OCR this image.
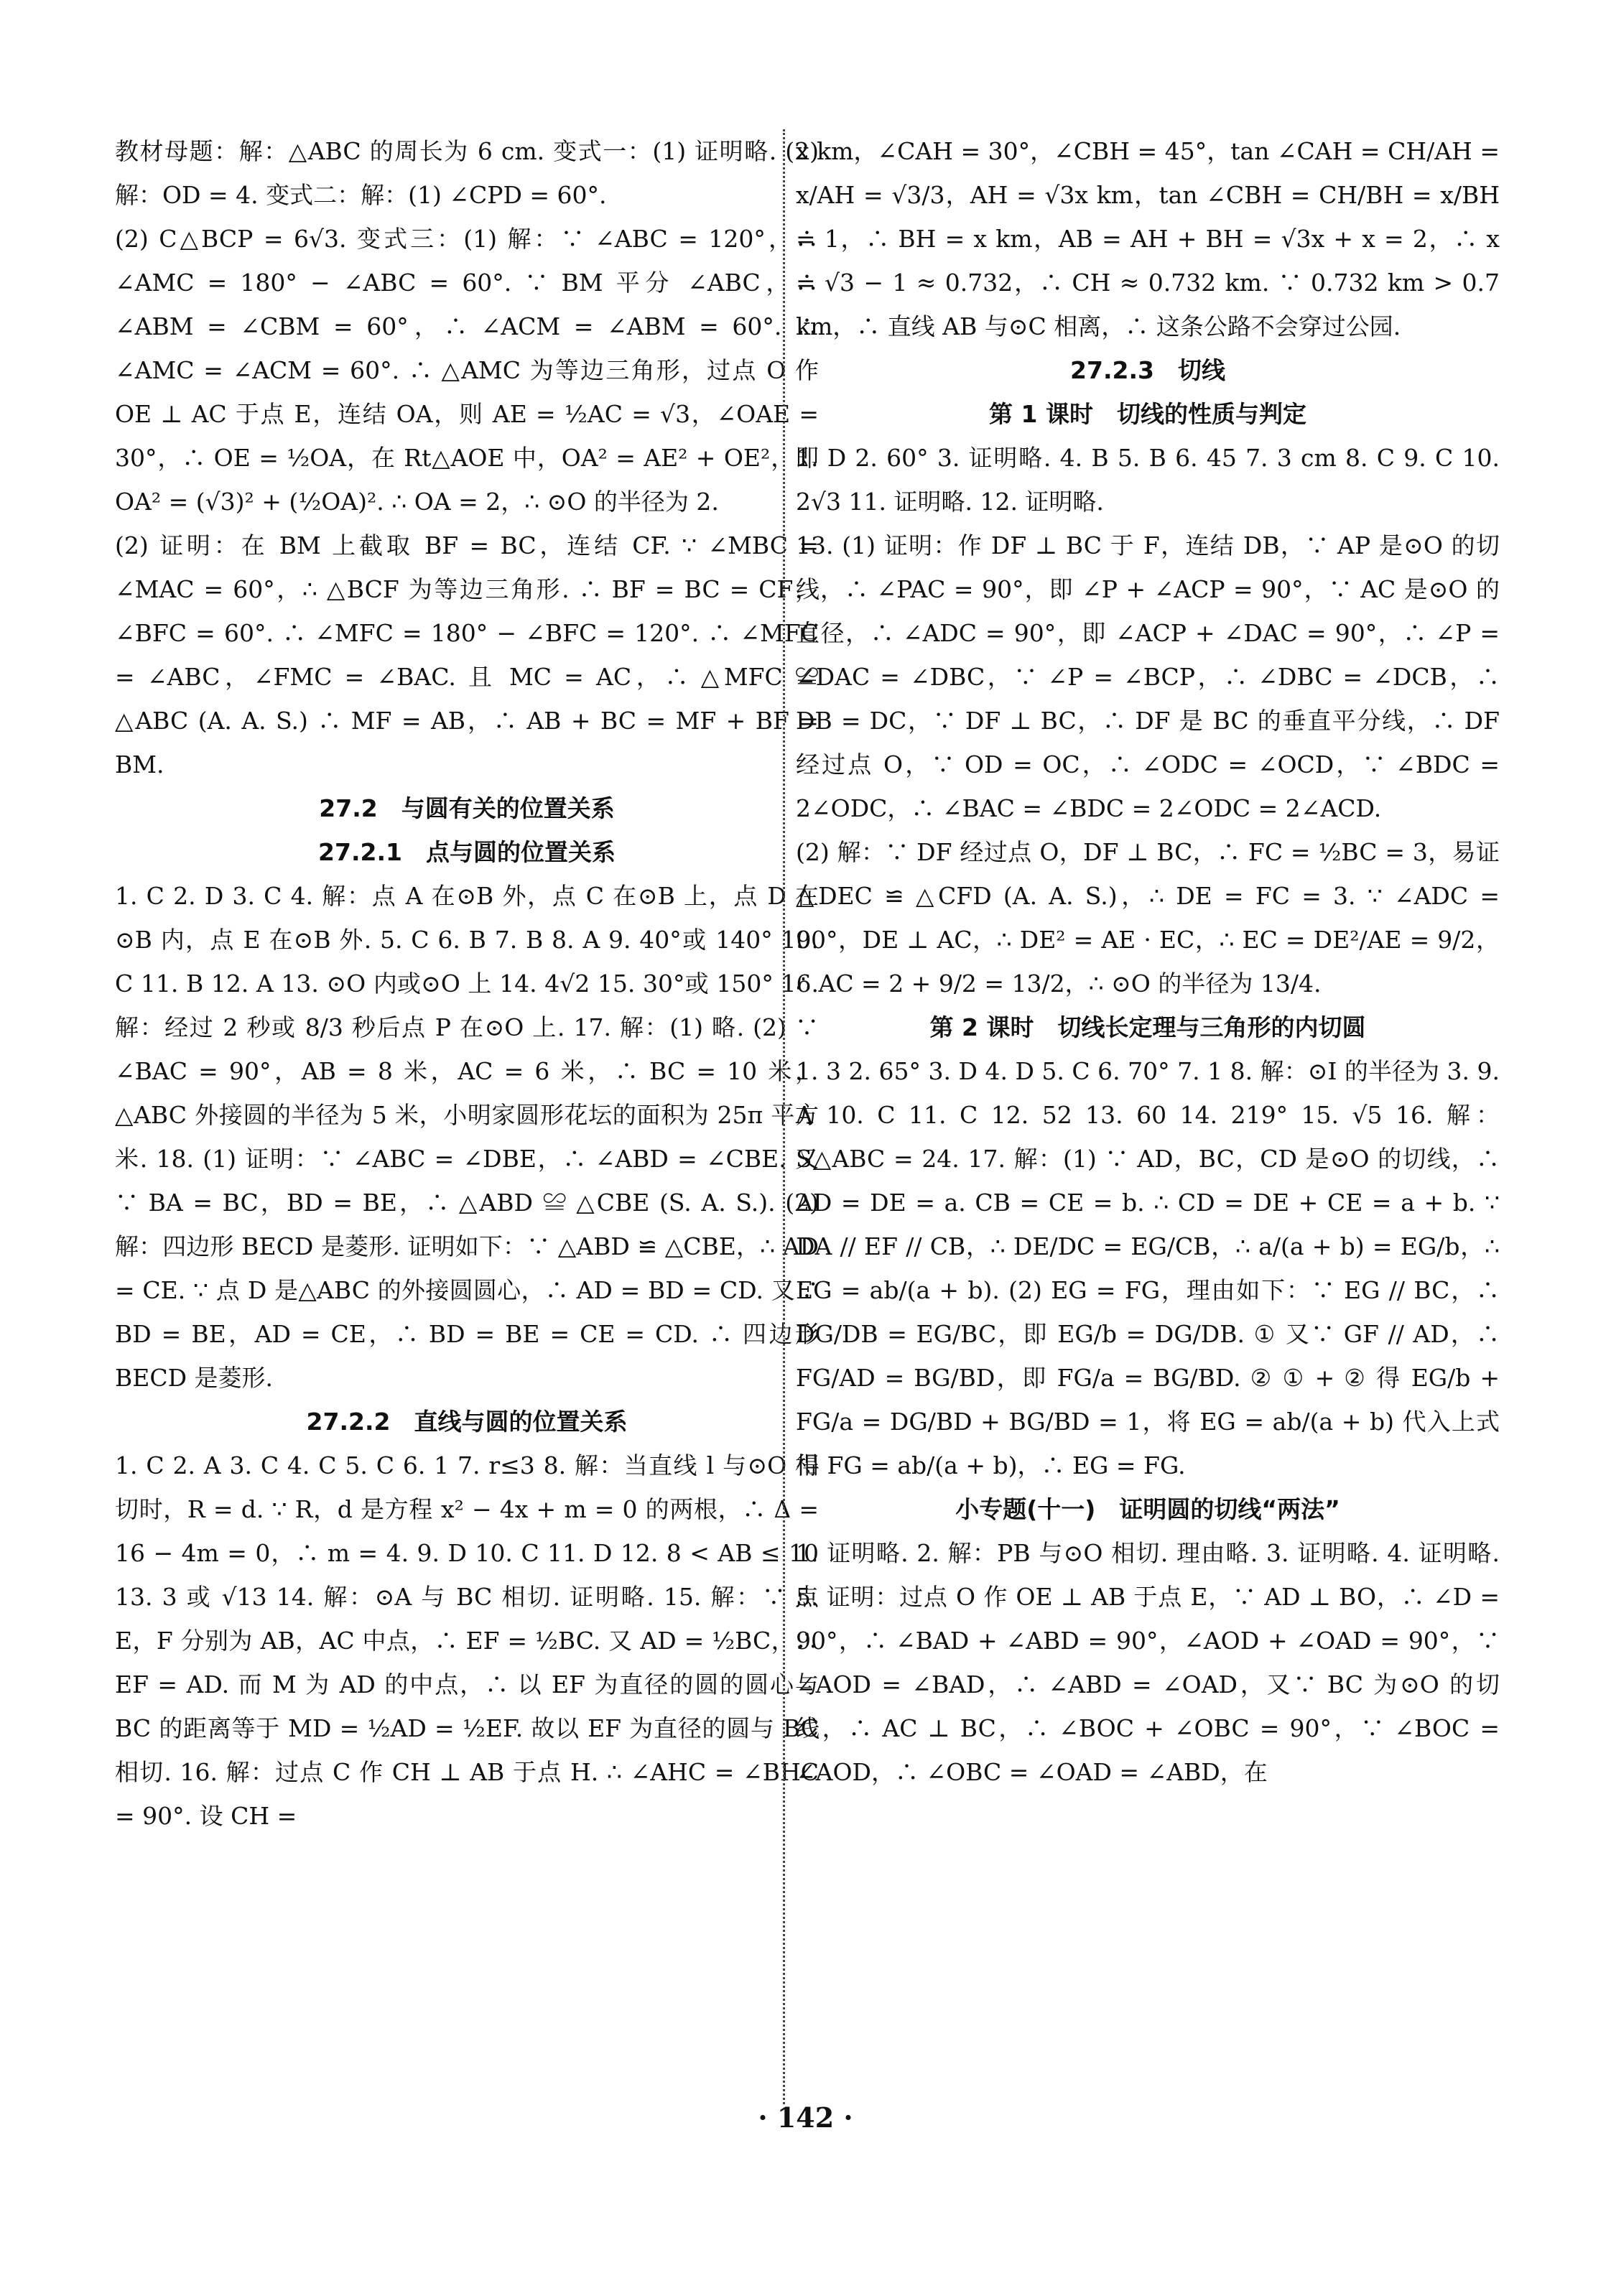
教材母题：解：△ABC 的周长为 6 cm. 变式一：(1) 证明略. (2) 解：OD = 4. 变式二：解：(1) ∠CPD = 60°.

(2) C△BCP = 6√3. 变式三：(1) 解：∵ ∠ABC = 120°，∴ ∠AMC = 180° − ∠ABC = 60°. ∵ BM 平分 ∠ABC，∴ ∠ABM = ∠CBM = 60°，∴ ∠ACM = ∠ABM = 60°. ∴ ∠AMC = ∠ACM = 60°. ∴ △AMC 为等边三角形，过点 O 作 OE ⊥ AC 于点 E，连结 OA，则 AE = ½AC = √3，∠OAE = 30°，∴ OE = ½OA，在 Rt△AOE 中，OA² = AE² + OE²，即 OA² = (√3)² + (½OA)². ∴ OA = 2，∴ ⊙O 的半径为 2.

(2) 证明：在 BM 上截取 BF = BC，连结 CF. ∵ ∠MBC = ∠MAC = 60°，∴ △BCF 为等边三角形. ∴ BF = BC = CF，∠BFC = 60°. ∴ ∠MFC = 180° − ∠BFC = 120°. ∴ ∠MFC = ∠ABC，∠FMC = ∠BAC. 且 MC = AC，∴ △MFC ≌ △ABC (A. A. S.) ∴ MF = AB，∴ AB + BC = MF + BF = BM.

27.2　与圆有关的位置关系

27.2.1　点与圆的位置关系

1. C 2. D 3. C 4. 解：点 A 在⊙B 外，点 C 在⊙B 上，点 D 在⊙B 内，点 E 在⊙B 外. 5. C 6. B 7. B 8. A 9. 40°或 140° 10. C 11. B 12. A 13. ⊙O 内或⊙O 上 14. 4√2 15. 30°或 150° 16. 解：经过 2 秒或 8/3 秒后点 P 在⊙O 上. 17. 解：(1) 略. (2) ∵ ∠BAC = 90°，AB = 8 米，AC = 6 米，∴ BC = 10 米，△ABC 外接圆的半径为 5 米，小明家圆形花坛的面积为 25π 平方米. 18. (1) 证明：∵ ∠ABC = ∠DBE，∴ ∠ABD = ∠CBE. 又∵ BA = BC，BD = BE，∴ △ABD ≌ △CBE (S. A. S.). (2) 解：四边形 BECD 是菱形. 证明如下：∵ △ABD ≌ △CBE，∴ AD = CE. ∵ 点 D 是△ABC 的外接圆圆心，∴ AD = BD = CD. 又∵ BD = BE，AD = CE，∴ BD = BE = CE = CD. ∴ 四边形 BECD 是菱形.

27.2.2　直线与圆的位置关系

1. C 2. A 3. C 4. C 5. C 6. 1 7. r≤3 8. 解：当直线 l 与⊙O 相切时，R = d. ∵ R，d 是方程 x² − 4x + m = 0 的两根，∴ Δ = 16 − 4m = 0，∴ m = 4. 9. D 10. C 11. D 12. 8 < AB ≤ 10 13. 3 或 √13 14. 解：⊙A 与 BC 相切. 证明略. 15. 解：∵ 点 E，F 分别为 AB，AC 中点，∴ EF = ½BC. 又 AD = ½BC，∴ EF = AD. 而 M 为 AD 的中点，∴ 以 EF 为直径的圆的圆心与 BC 的距离等于 MD = ½AD = ½EF. 故以 EF 为直径的圆与 BC 相切. 16. 解：过点 C 作 CH ⊥ AB 于点 H. ∴ ∠AHC = ∠BHC = 90°. 设 CH =

x km，∠CAH = 30°，∠CBH = 45°，tan ∠CAH = CH/AH = x/AH = √3/3，AH = √3x km，tan ∠CBH = CH/BH = x/BH = 1，∴ BH = x km，AB = AH + BH = √3x + x = 2，∴ x = √3 − 1 ≈ 0.732，∴ CH ≈ 0.732 km. ∵ 0.732 km > 0.7 km，∴ 直线 AB 与⊙C 相离，∴ 这条公路不会穿过公园.

27.2.3　切线

第 1 课时　切线的性质与判定

1. D 2. 60° 3. 证明略. 4. B 5. B 6. 45 7. 3 cm 8. C 9. C 10. 2√3 11. 证明略. 12. 证明略.

13. (1) 证明：作 DF ⊥ BC 于 F，连结 DB，∵ AP 是⊙O 的切线，∴ ∠PAC = 90°，即 ∠P + ∠ACP = 90°，∵ AC 是⊙O 的直径，∴ ∠ADC = 90°，即 ∠ACP + ∠DAC = 90°，∴ ∠P = ∠DAC = ∠DBC，∵ ∠P = ∠BCP，∴ ∠DBC = ∠DCB，∴ DB = DC，∵ DF ⊥ BC，∴ DF 是 BC 的垂直平分线，∴ DF 经过点 O，∵ OD = OC，∴ ∠ODC = ∠OCD，∵ ∠BDC = 2∠ODC，∴ ∠BAC = ∠BDC = 2∠ODC = 2∠ACD.

(2) 解：∵ DF 经过点 O，DF ⊥ BC，∴ FC = ½BC = 3，易证 △DEC ≌ △CFD (A. A. S.)，∴ DE = FC = 3. ∵ ∠ADC = 90°，DE ⊥ AC，∴ DE² = AE · EC，∴ EC = DE²/AE = 9/2，∴ AC = 2 + 9/2 = 13/2，∴ ⊙O 的半径为 13/4.

第 2 课时　切线长定理与三角形的内切圆

1. 3 2. 65° 3. D 4. D 5. C 6. 70° 7. 1 8. 解：⊙I 的半径为 3. 9. A 10. C 11. C 12. 52 13. 60 14. 219° 15. √5 16. 解：S△ABC = 24. 17. 解：(1) ∵ AD，BC，CD 是⊙O 的切线，∴ AD = DE = a. CB = CE = b. ∴ CD = DE + CE = a + b. ∵ DA // EF // CB，∴ DE/DC = EG/CB，∴ a/(a + b) = EG/b，∴ EG = ab/(a + b). (2) EG = FG，理由如下：∵ EG // BC，∴ DG/DB = EG/BC，即 EG/b = DG/DB. ① 又∵ GF // AD，∴ FG/AD = BG/BD，即 FG/a = BG/BD. ② ① + ② 得 EG/b + FG/a = DG/BD + BG/BD = 1，将 EG = ab/(a + b) 代入上式得 FG = ab/(a + b)，∴ EG = FG.

小专题(十一)　证明圆的切线“两法”

1. 证明略. 2. 解：PB 与⊙O 相切. 理由略. 3. 证明略. 4. 证明略. 5. 证明：过点 O 作 OE ⊥ AB 于点 E，∵ AD ⊥ BO，∴ ∠D = 90°，∴ ∠BAD + ∠ABD = 90°，∠AOD + ∠OAD = 90°，∵ ∠AOD = ∠BAD，∴ ∠ABD = ∠OAD，又∵ BC 为⊙O 的切线，∴ AC ⊥ BC，∴ ∠BOC + ∠OBC = 90°，∵ ∠BOC = ∠AOD，∴ ∠OBC = ∠OAD = ∠ABD，在

· 142 ·
